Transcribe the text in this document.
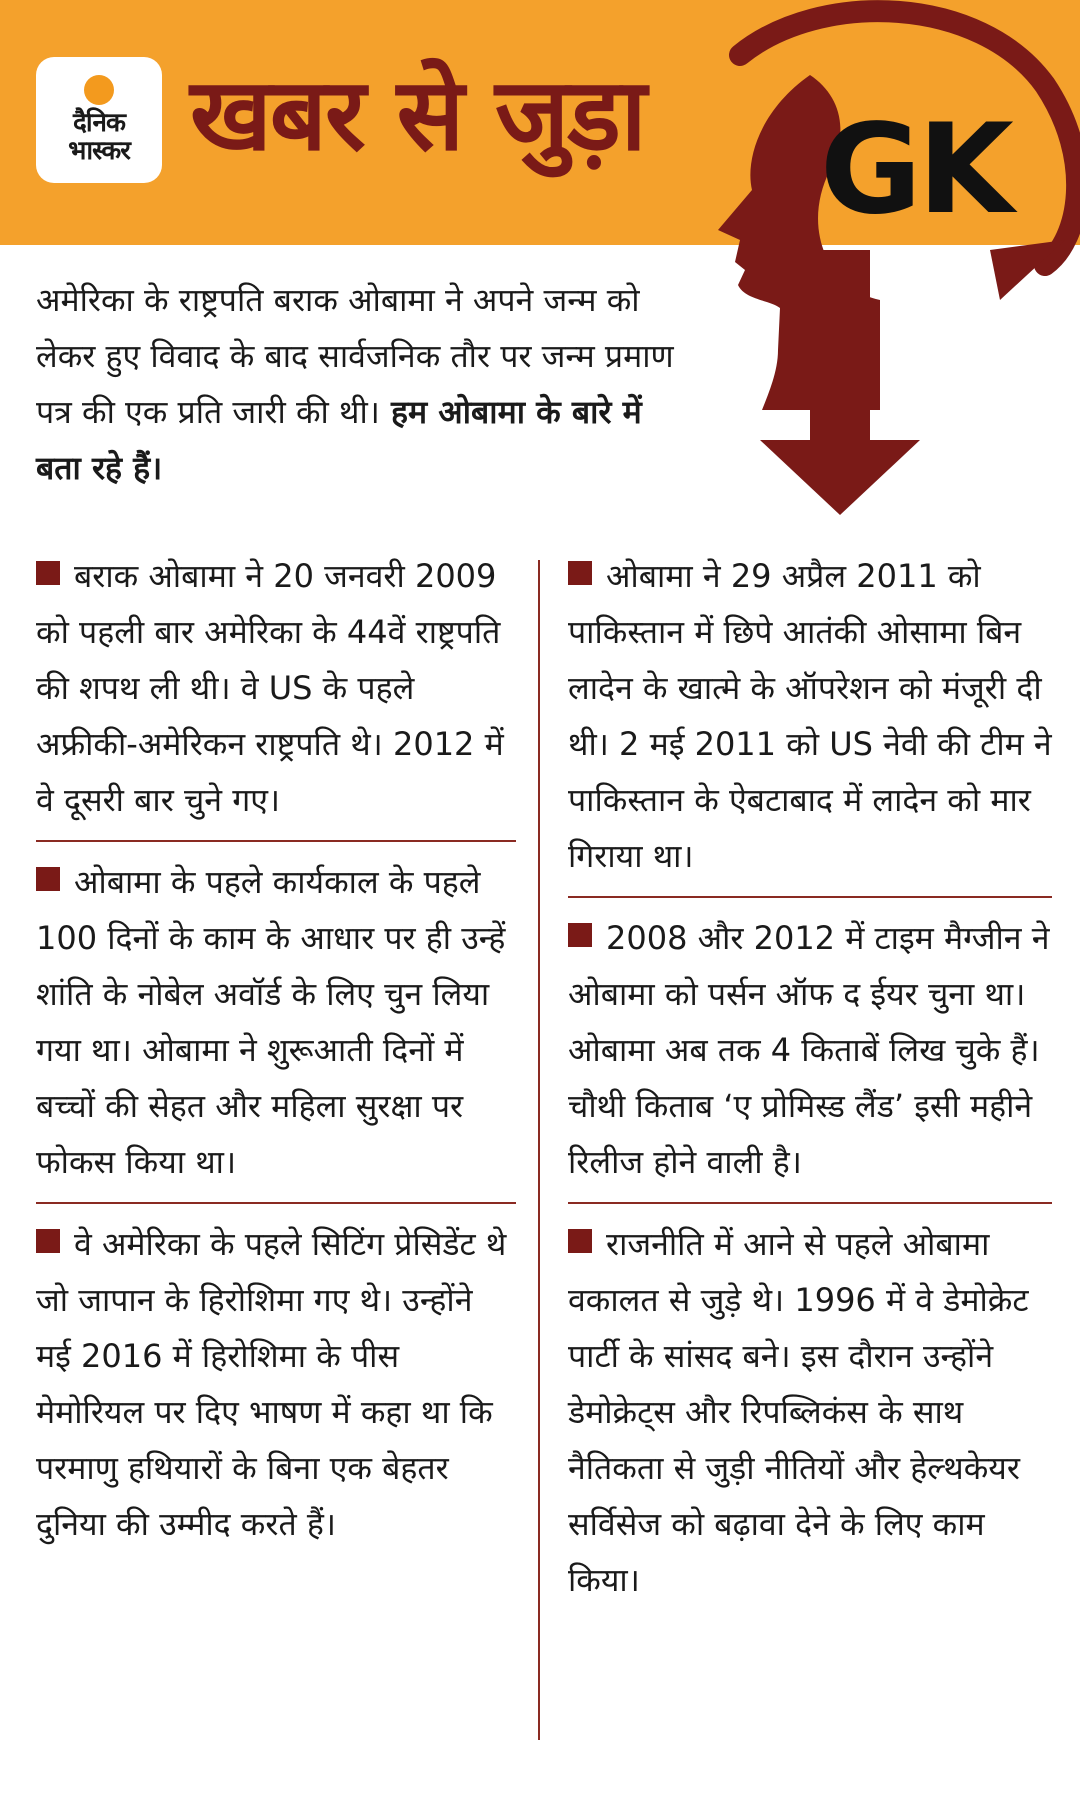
दैनिक
भास्कर खबर से जुड़ा GK
अमेरिका के राष्ट्रपति बराक ओबामा ने अपने जन्म को लेकर हुए विवाद के बाद सार्वजनिक तौर पर जन्म प्रमाण पत्र की एक प्रति जारी की थी। हम ओबामा के बारे में बता रहे हैं।
बराक ओबामा ने 20 जनवरी 2009 को पहली बार अमेरिका के 44वें राष्ट्रपति की शपथ ली थी। वे US के पहले अफ्रीकी-अमेरिकन राष्ट्रपति थे। 2012 में वे दूसरी बार चुने गए।
ओबामा के पहले कार्यकाल के पहले 100 दिनों के काम के आधार पर ही उन्हें शांति के नोबेल अवॉर्ड के लिए चुन लिया गया था। ओबामा ने शुरूआती दिनों में बच्चों की सेहत और महिला सुरक्षा पर फोकस किया था।
वे अमेरिका के पहले सिटिंग प्रेसिडेंट थे जो जापान के हिरोशिमा गए थे। उन्होंने मई 2016 में हिरोशिमा के पीस मेमोरियल पर दिए भाषण में कहा था कि परमाणु हथियारों के बिना एक बेहतर दुनिया की उम्मीद करते हैं।
ओबामा ने 29 अप्रैल 2011 को पाकिस्तान में छिपे आतंकी ओसामा बिन लादेन के खात्मे के ऑपरेशन को मंजूरी दी थी। 2 मई 2011 को US नेवी की टीम ने पाकिस्तान के ऐबटाबाद में लादेन को मार गिराया था।
2008 और 2012 में टाइम मैग्जीन ने ओबामा को पर्सन ऑफ द ईयर चुना था। ओबामा अब तक 4 किताबें लिख चुके हैं। चौथी किताब ‘ए प्रोमिस्ड लैंड’ इसी महीने रिलीज होने वाली है।
राजनीति में आने से पहले ओबामा वकालत से जुड़े थे। 1996 में वे डेमोक्रेट पार्टी के सांसद बने। इस दौरान उन्होंने डेमोक्रेट्स और रिपब्लिकंस के साथ नैतिकता से जुड़ी नीतियों और हेल्थकेयर सर्विसेज को बढ़ावा देने के लिए काम किया।
